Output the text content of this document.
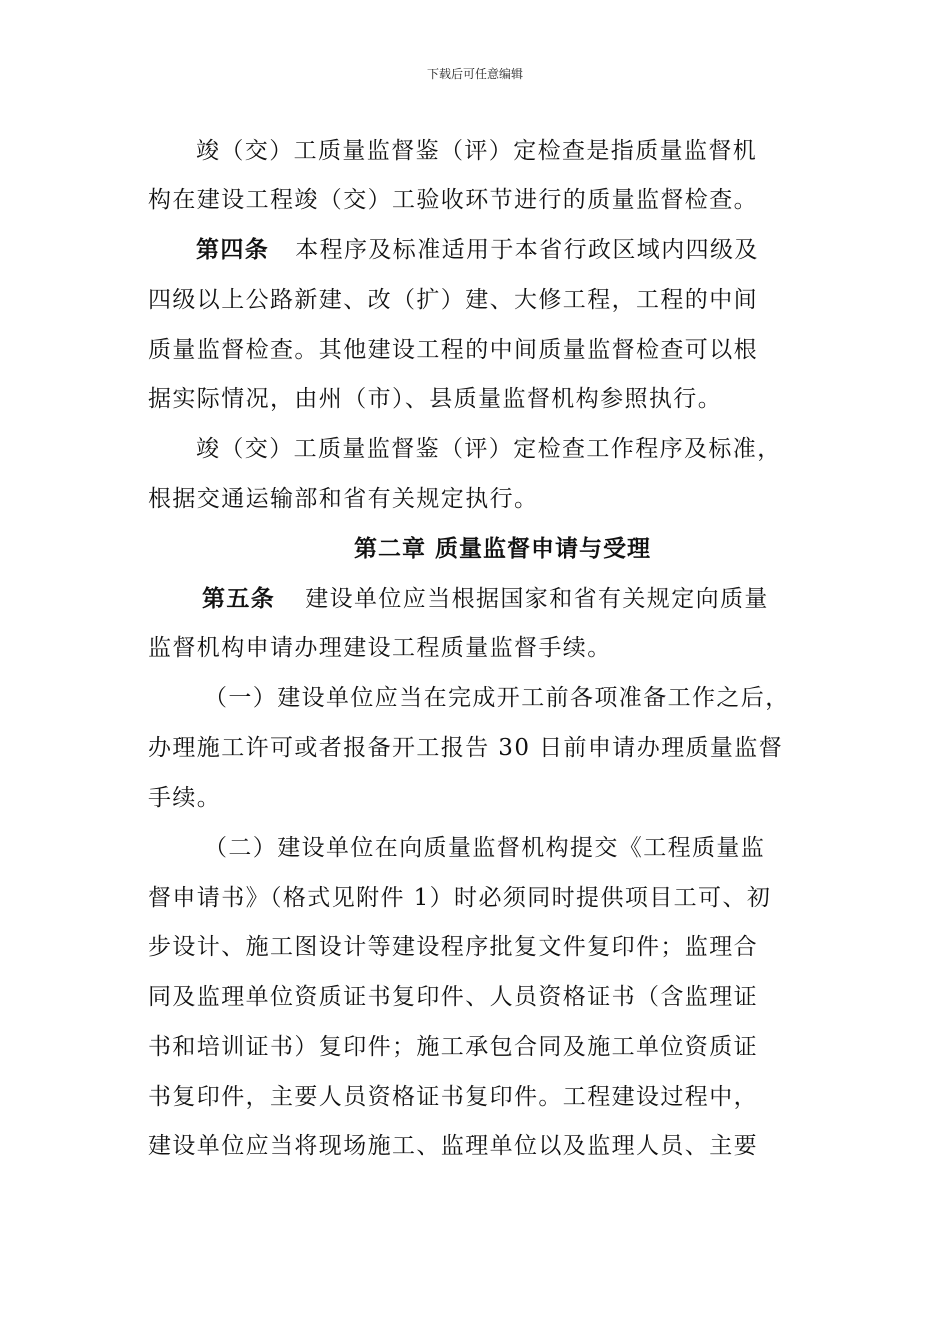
下载后可任意编辑
竣（交）工质量监督鉴（评）定检查是指质量监督机
构在建设工程竣（交）工验收环节进行的质量监督检查。
第四条 本程序及标准适用于本省行政区域内四级及
四级以上公路新建、改（扩）建、大修工程，工程的中间
质量监督检查。其他建设工程的中间质量监督检查可以根
据实际情况，由州（市）、县质量监督机构参照执行。
竣（交）工质量监督鉴（评）定检查工作程序及标准，
根据交通运输部和省有关规定执行。
第二章 质量监督申请与受理
第五条 建设单位应当根据国家和省有关规定向质量
监督机构申请办理建设工程质量监督手续。
（一）建设单位应当在完成开工前各项准备工作之后，
办理施工许可或者报备开工报告 30 日前申请办理质量监督
手续。
（二）建设单位在向质量监督机构提交《工程质量监
督申请书》（格式见附件 1）时必须同时提供项目工可、初
步设计、施工图设计等建设程序批复文件复印件；监理合
同及监理单位资质证书复印件、人员资格证书（含监理证
书和培训证书）复印件；施工承包合同及施工单位资质证
书复印件，主要人员资格证书复印件。工程建设过程中，
建设单位应当将现场施工、监理单位以及监理人员、主要
